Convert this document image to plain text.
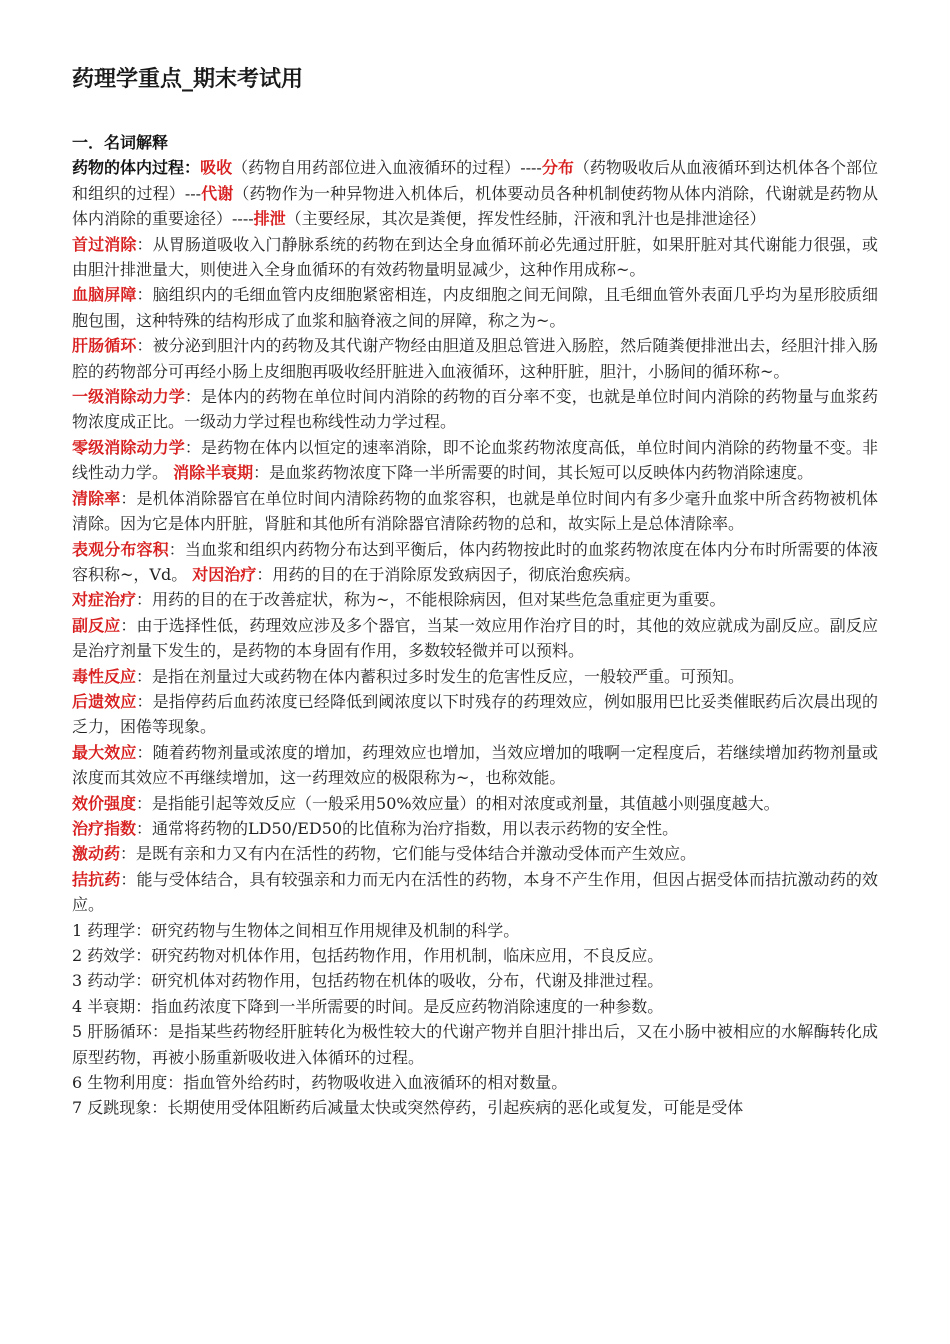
药理学重点_期末考试用

一．名词解释

药物的体内过程：吸收（药物自用药部位进入血液循环的过程）----分布（药物吸收后从血液循环到达机体各个部位和组织的过程）---代谢（药物作为一种异物进入机体后，机体要动员各种机制使药物从体内消除，代谢就是药物从体内消除的重要途径）----排泄（主要经尿，其次是粪便，挥发性经肺，汗液和乳汁也是排泄途径）

首过消除：从胃肠道吸收入门静脉系统的药物在到达全身血循环前必先通过肝脏，如果肝脏对其代谢能力很强，或由胆汁排泄量大，则使进入全身血循环的有效药物量明显减少，这种作用成称~。

血脑屏障：脑组织内的毛细血管内皮细胞紧密相连，内皮细胞之间无间隙，且毛细血管外表面几乎均为星形胶质细胞包围，这种特殊的结构形成了血浆和脑脊液之间的屏障，称之为~。

肝肠循环：被分泌到胆汁内的药物及其代谢产物经由胆道及胆总管进入肠腔，然后随粪便排泄出去，经胆汁排入肠腔的药物部分可再经小肠上皮细胞再吸收经肝脏进入血液循环，这种肝脏，胆汁，小肠间的循环称~。

一级消除动力学：是体内的药物在单位时间内消除的药物的百分率不变，也就是单位时间内消除的药物量与血浆药物浓度成正比。一级动力学过程也称线性动力学过程。

零级消除动力学：是药物在体内以恒定的速率消除，即不论血浆药物浓度高低，单位时间内消除的药物量不变。非线性动力学。 消除半衰期：是血浆药物浓度下降一半所需要的时间，其长短可以反映体内药物消除速度。

清除率：是机体消除器官在单位时间内清除药物的血浆容积，也就是单位时间内有多少毫升血浆中所含药物被机体清除。因为它是体内肝脏，肾脏和其他所有消除器官清除药物的总和，故实际上是总体清除率。

表观分布容积：当血浆和组织内药物分布达到平衡后，体内药物按此时的血浆药物浓度在体内分布时所需要的体液容积称~，Vd。 对因治疗：用药的目的在于消除原发致病因子，彻底治愈疾病。

对症治疗：用药的目的在于改善症状，称为~，不能根除病因，但对某些危急重症更为重要。

副反应：由于选择性低，药理效应涉及多个器官，当某一效应用作治疗目的时，其他的效应就成为副反应。副反应是治疗剂量下发生的，是药物的本身固有作用，多数较轻微并可以预料。

毒性反应：是指在剂量过大或药物在体内蓄积过多时发生的危害性反应，一般较严重。可预知。

后遗效应：是指停药后血药浓度已经降低到阈浓度以下时残存的药理效应，例如服用巴比妥类催眠药后次晨出现的乏力，困倦等现象。

最大效应：随着药物剂量或浓度的增加，药理效应也增加，当效应增加的哦啊一定程度后，若继续增加药物剂量或浓度而其效应不再继续增加，这一药理效应的极限称为~，也称效能。

效价强度：是指能引起等效反应（一般采用50%效应量）的相对浓度或剂量，其值越小则强度越大。

治疗指数：通常将药物的LD50/ED50的比值称为治疗指数，用以表示药物的安全性。

激动药：是既有亲和力又有内在活性的药物，它们能与受体结合并激动受体而产生效应。

拮抗药：能与受体结合，具有较强亲和力而无内在活性的药物，本身不产生作用，但因占据受体而拮抗激动药的效应。

1 药理学：研究药物与生物体之间相互作用规律及机制的科学。

2 药效学：研究药物对机体作用，包括药物作用，作用机制，临床应用，不良反应。

3 药动学：研究机体对药物作用，包括药物在机体的吸收，分布，代谢及排泄过程。

4 半衰期：指血药浓度下降到一半所需要的时间。是反应药物消除速度的一种参数。

5 肝肠循环：是指某些药物经肝脏转化为极性较大的代谢产物并自胆汁排出后，又在小肠中被相应的水解酶转化成原型药物，再被小肠重新吸收进入体循环的过程。

6 生物利用度：指血管外给药时，药物吸收进入血液循环的相对数量。

7 反跳现象：长期使用受体阻断药后减量太快或突然停药，引起疾病的恶化或复发，可能是受体
